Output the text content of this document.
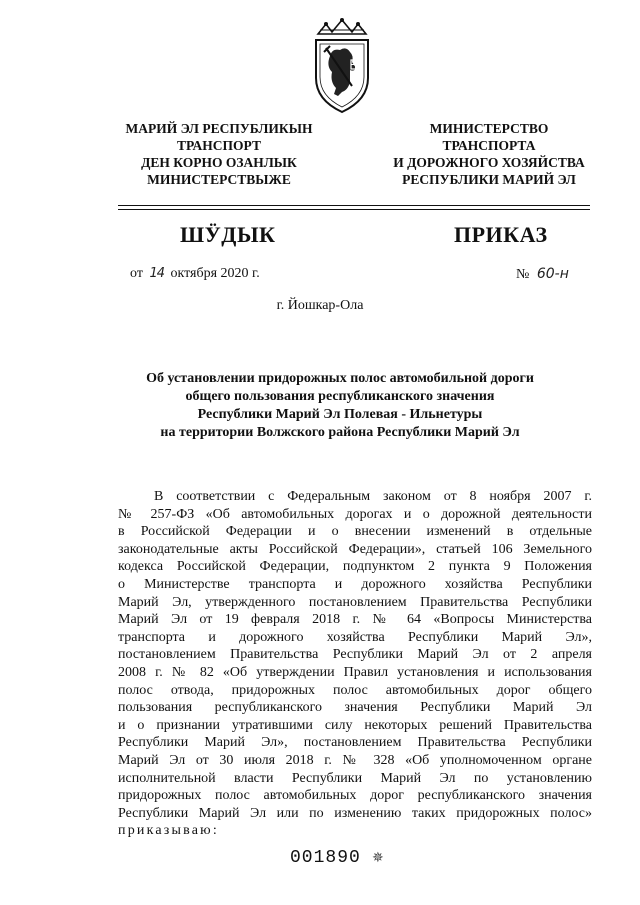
МАРИЙ ЭЛ РЕСПУБЛИКЫН
ТРАНСПОРТ
ДЕН КОРНО ОЗАНЛЫК
МИНИСТЕРСТВЫЖЕ
МИНИСТЕРСТВО
ТРАНСПОРТА
И ДОРОЖНОГО ХОЗЯЙСТВА
РЕСПУБЛИКИ МАРИЙ ЭЛ
ШӰДЫК	ПРИКАЗ
от 14 октября 2020 г.	№ 60-н
г. Йошкар-Ола
Об установлении придорожных полос автомобильной дороги
общего пользования республиканского значения
Республики Марий Эл Полевая - Ильнетуры
на территории Волжского района Республики Марий Эл
В соответствии с Федеральным законом от 8 ноября 2007 г.
№ 257-ФЗ «Об автомобильных дорогах и о дорожной деятельности
в Российской Федерации и о внесении изменений в отдельные
законодательные акты Российской Федерации», статьей 106 Земельного
кодекса Российской Федерации, подпунктом 2 пункта 9 Положения
о Министерстве транспорта и дорожного хозяйства Республики
Марий Эл, утвержденного постановлением Правительства Республики
Марий Эл от 19 февраля 2018 г. № 64 «Вопросы Министерства
транспорта и дорожного хозяйства Республики Марий Эл»,
постановлением Правительства Республики Марий Эл от 2 апреля
2008 г. № 82 «Об утверждении Правил установления и использования
полос отвода, придорожных полос автомобильных дорог общего
пользования республиканского значения Республики Марий Эл
и о признании утратившими силу некоторых решений Правительства
Республики Марий Эл», постановлением Правительства Республики
Марий Эл от 30 июля 2018 г. № 328 «Об уполномоченном органе
исполнительной власти Республики Марий Эл по установлению
придорожных полос автомобильных дорог республиканского значения
Республики Марий Эл или по изменению таких придорожных полос»
приказываю:
001890 ✵
